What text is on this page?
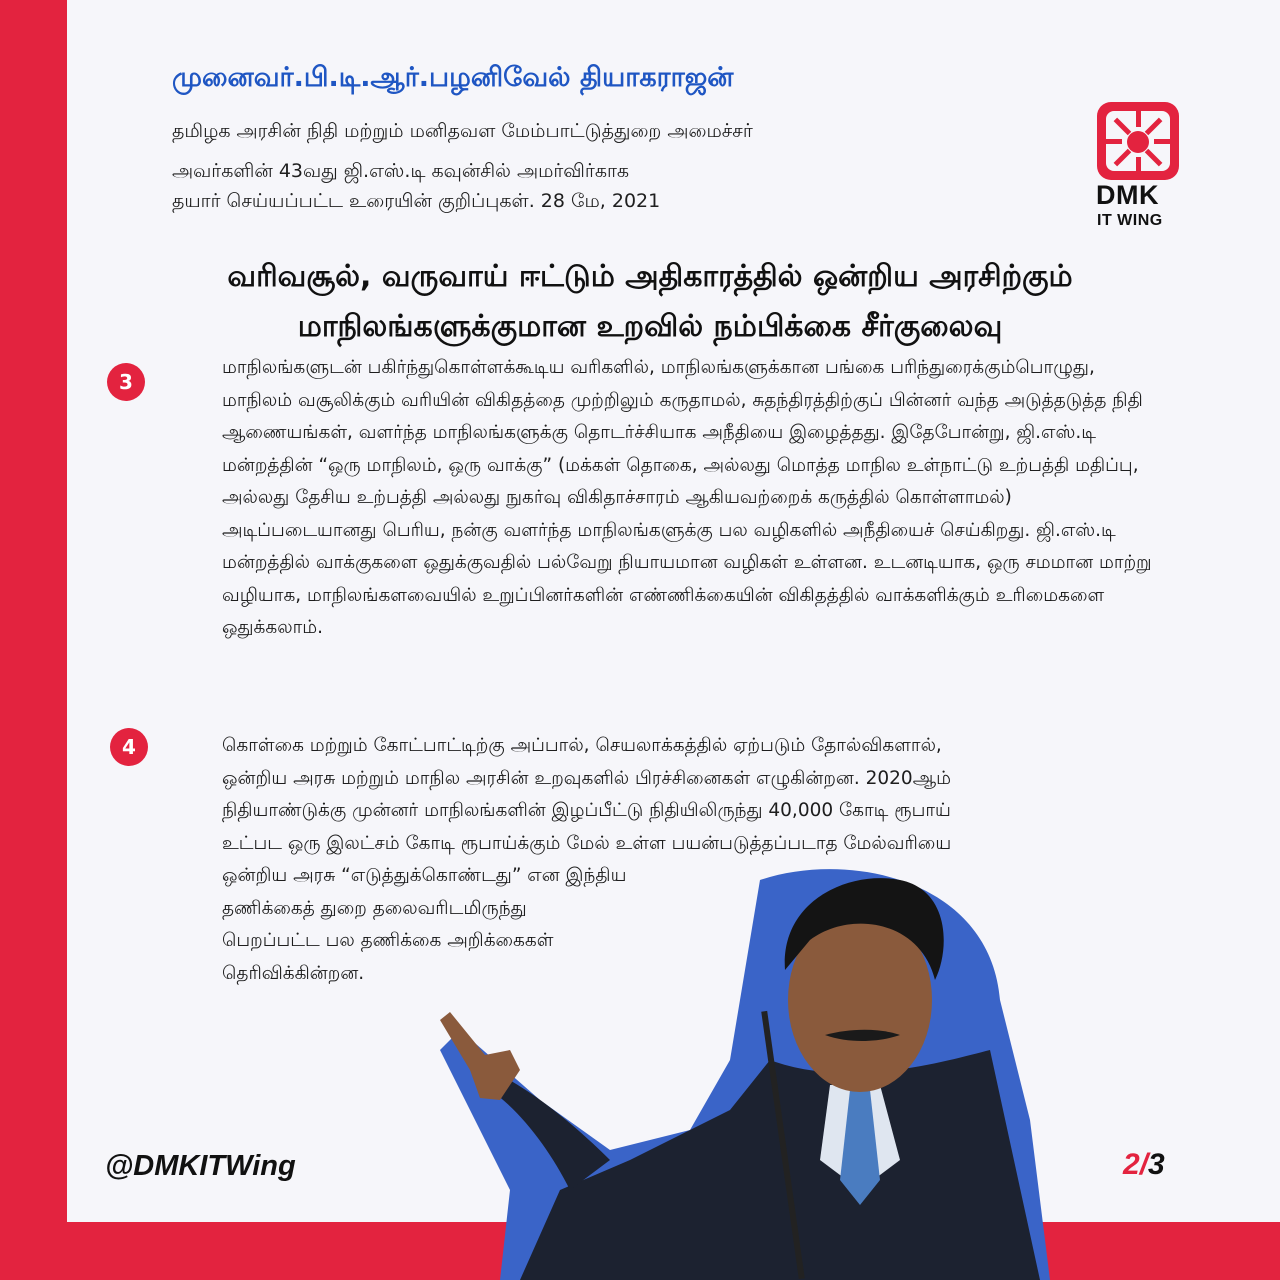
முனைவர்.பி.டி.ஆர்.பழனிவேல் தியாகராஜன்

தமிழக அரசின் நிதி மற்றும் மனிதவள மேம்பாட்டுத்துறை அமைச்சர்

அவர்களின் 43வது ஜி.எஸ்.டி கவுன்சில் அமர்விர்காக

தயார் செய்யப்பட்ட உரையின் குறிப்புகள். 28 மே, 2021	DMK

IT WING

வரிவசூல், வருவாய் ஈட்டும் அதிகாரத்தில் ஒன்றிய அரசிற்கும்
மாநிலங்களுக்குமான உறவில் நம்பிக்கை சீர்குலைவு
3

மாநிலங்களுடன் பகிர்ந்துகொள்ளக்கூடிய வரிகளில், மாநிலங்களுக்கான பங்கை பரிந்துரைக்கும்பொழுது, மாநிலம் வசூலிக்கும் வரியின் விகிதத்தை முற்றிலும் கருதாமல், சுதந்திரத்திற்குப் பின்னர் வந்த அடுத்தடுத்த நிதி ஆணையங்கள், வளர்ந்த மாநிலங்களுக்கு தொடர்ச்சியாக அநீதியை இழைத்தது. இதேபோன்று, ஜி.எஸ்.டி மன்றத்தின் “ஒரு மாநிலம், ஒரு வாக்கு” (மக்கள் தொகை, அல்லது மொத்த மாநில உள்நாட்டு உற்பத்தி மதிப்பு, அல்லது தேசிய உற்பத்தி அல்லது நுகர்வு விகிதாச்சாரம் ஆகியவற்றைக் கருத்தில் கொள்ளாமல்) அடிப்படையானது பெரிய, நன்கு வளர்ந்த மாநிலங்களுக்கு பல வழிகளில் அநீதியைச் செய்கிறது. ஜி.எஸ்.டி மன்றத்தில் வாக்குகளை ஒதுக்குவதில் பல்வேறு நியாயமான வழிகள் உள்ளன. உடனடியாக, ஒரு சமமான மாற்று வழியாக, மாநிலங்களவையில் உறுப்பினர்களின் எண்ணிக்கையின் விகிதத்தில் வாக்களிக்கும் உரிமைகளை ஒதுக்கலாம்.

4	கொள்கை மற்றும் கோட்பாட்டிற்கு அப்பால், செயலாக்கத்தில் ஏற்படும் தோல்விகளால்,
ஒன்றிய அரசு மற்றும் மாநில அரசின் உறவுகளில் பிரச்சினைகள் எழுகின்றன. 2020ஆம்
நிதியாண்டுக்கு முன்னர் மாநிலங்களின் இழப்பீட்டு நிதியிலிருந்து 40,000 கோடி ரூபாய்
உட்பட ஒரு இலட்சம் கோடி ரூபாய்க்கும் மேல் உள்ள பயன்படுத்தப்படாத மேல்வரியை
ஒன்றிய அரசு “எடுத்துக்கொண்டது” என இந்திய
தணிக்கைத் துறை தலைவரிடமிருந்து
பெறப்பட்ட பல தணிக்கை அறிக்கைகள்
தெரிவிக்கின்றன.

@DMKITWing	2/3
